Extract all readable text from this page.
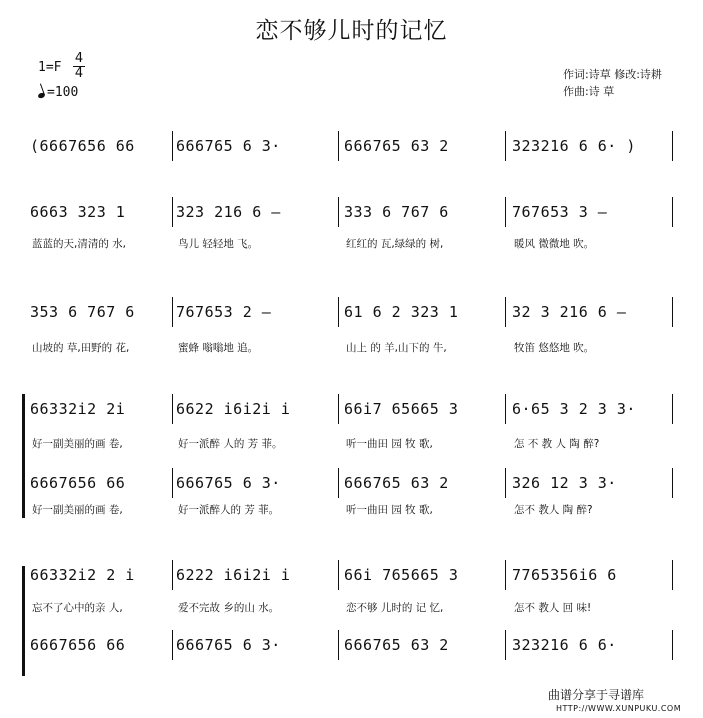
恋不够儿时的记忆
1=F
4
4
=100
作词:诗草 修改:诗耕
作曲:诗 草
(6667656 66	666765 6 3·	666765 63 2	323216 6 6· )
6663 323 1	323 216 6 –	333 6 767 6	767653 3 –
蓝蓝的天,清清的 水,	鸟儿 轻轻地 飞。	红红的 瓦,绿绿的 树,	暖风 微微地 吹。
353 6 767 6	767653 2 –	61 6 2 323 1	32 3 216 6 –
山坡的 草,田野的 花,	蜜蜂 嗡嗡地 追。	山上 的 羊,山下的 牛,	牧笛 悠悠地 吹。
66332i2 2i	6622 i6i2i i	66i7 65665 3	6·65 3 2 3 3·
好一副美丽的画 卷,	好一派醉 人的 芳 菲。	听一曲田 园 牧 歌,	怎 不 教 人 陶 醉?
6667656 66	666765 6 3·	666765 63 2	326 12 3 3·
好一副美丽的画 卷,	好一派醉人的 芳 菲。	听一曲田 园 牧 歌,	怎不 教人 陶 醉?
66332i2 2 i	6222 i6i2i i	66i 765665 3	7765356i6 6
忘不了心中的亲 人,	爱不完故 乡的山 水。	恋不够 儿时的 记 忆,	怎不 教人 回 味!
6667656 66	666765 6 3·	666765 63 2	323216 6 6·
曲谱分享于寻谱库
HTTP://WWW.XUNPUKU.COM
